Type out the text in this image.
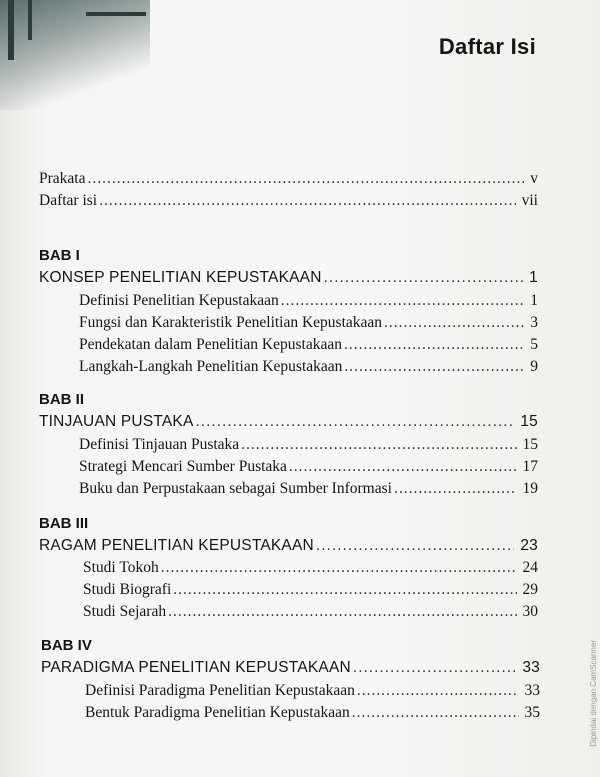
Daftar Isi
Prakata .....	v
Daftar isi .....	vii
BAB I
KONSEP PENELITIAN KEPUSTAKAAN .....	1
Definisi Penelitian Kepustakaan .....	1
Fungsi dan Karakteristik Penelitian Kepustakaan .....	3
Pendekatan dalam Penelitian Kepustakaan .....	5
Langkah-Langkah Penelitian Kepustakaan .....	9
BAB II
TINJAUAN PUSTAKA .....	15
Definisi Tinjauan Pustaka .....	15
Strategi Mencari Sumber Pustaka .....	17
Buku dan Perpustakaan sebagai Sumber Informasi .....	19
BAB III
RAGAM PENELITIAN KEPUSTAKAAN .....	23
Studi Tokoh .....	24
Studi Biografi .....	29
Studi Sejarah .....	30
BAB IV
PARADIGMA PENELITIAN KEPUSTAKAAN .....	33
Definisi Paradigma Penelitian Kepustakaan .....	33
Bentuk Paradigma Penelitian Kepustakaan .....	35	Dipindai dengan CamScanner
